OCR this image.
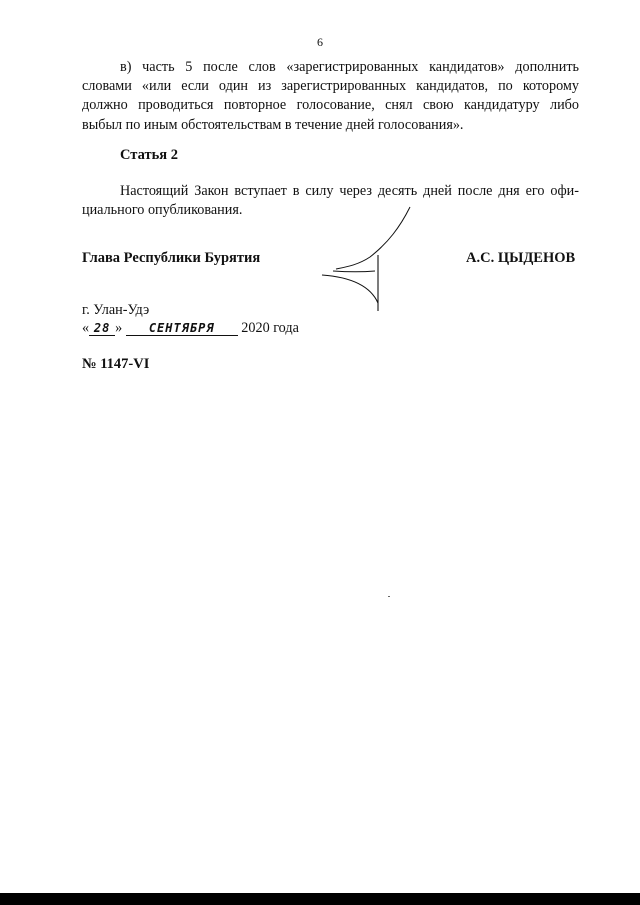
6
в) часть 5 после слов «зарегистрированных кандидатов» дополнить
словами «или если один из зарегистрированных кандидатов, по которому
должно проводиться повторное голосование, снял свою кандидатуру либо
выбыл по иным обстоятельствам в течение дней голосования».
Статья 2
Настоящий Закон вступает в силу через десять дней после дня его офи-
циального опубликования.
Глава Республики Бурятия	А.С. ЦЫДЕНОВ
г. Улан-Удэ
« 28 » СЕНТЯБРЯ 2020 года
№ 1147-VI
